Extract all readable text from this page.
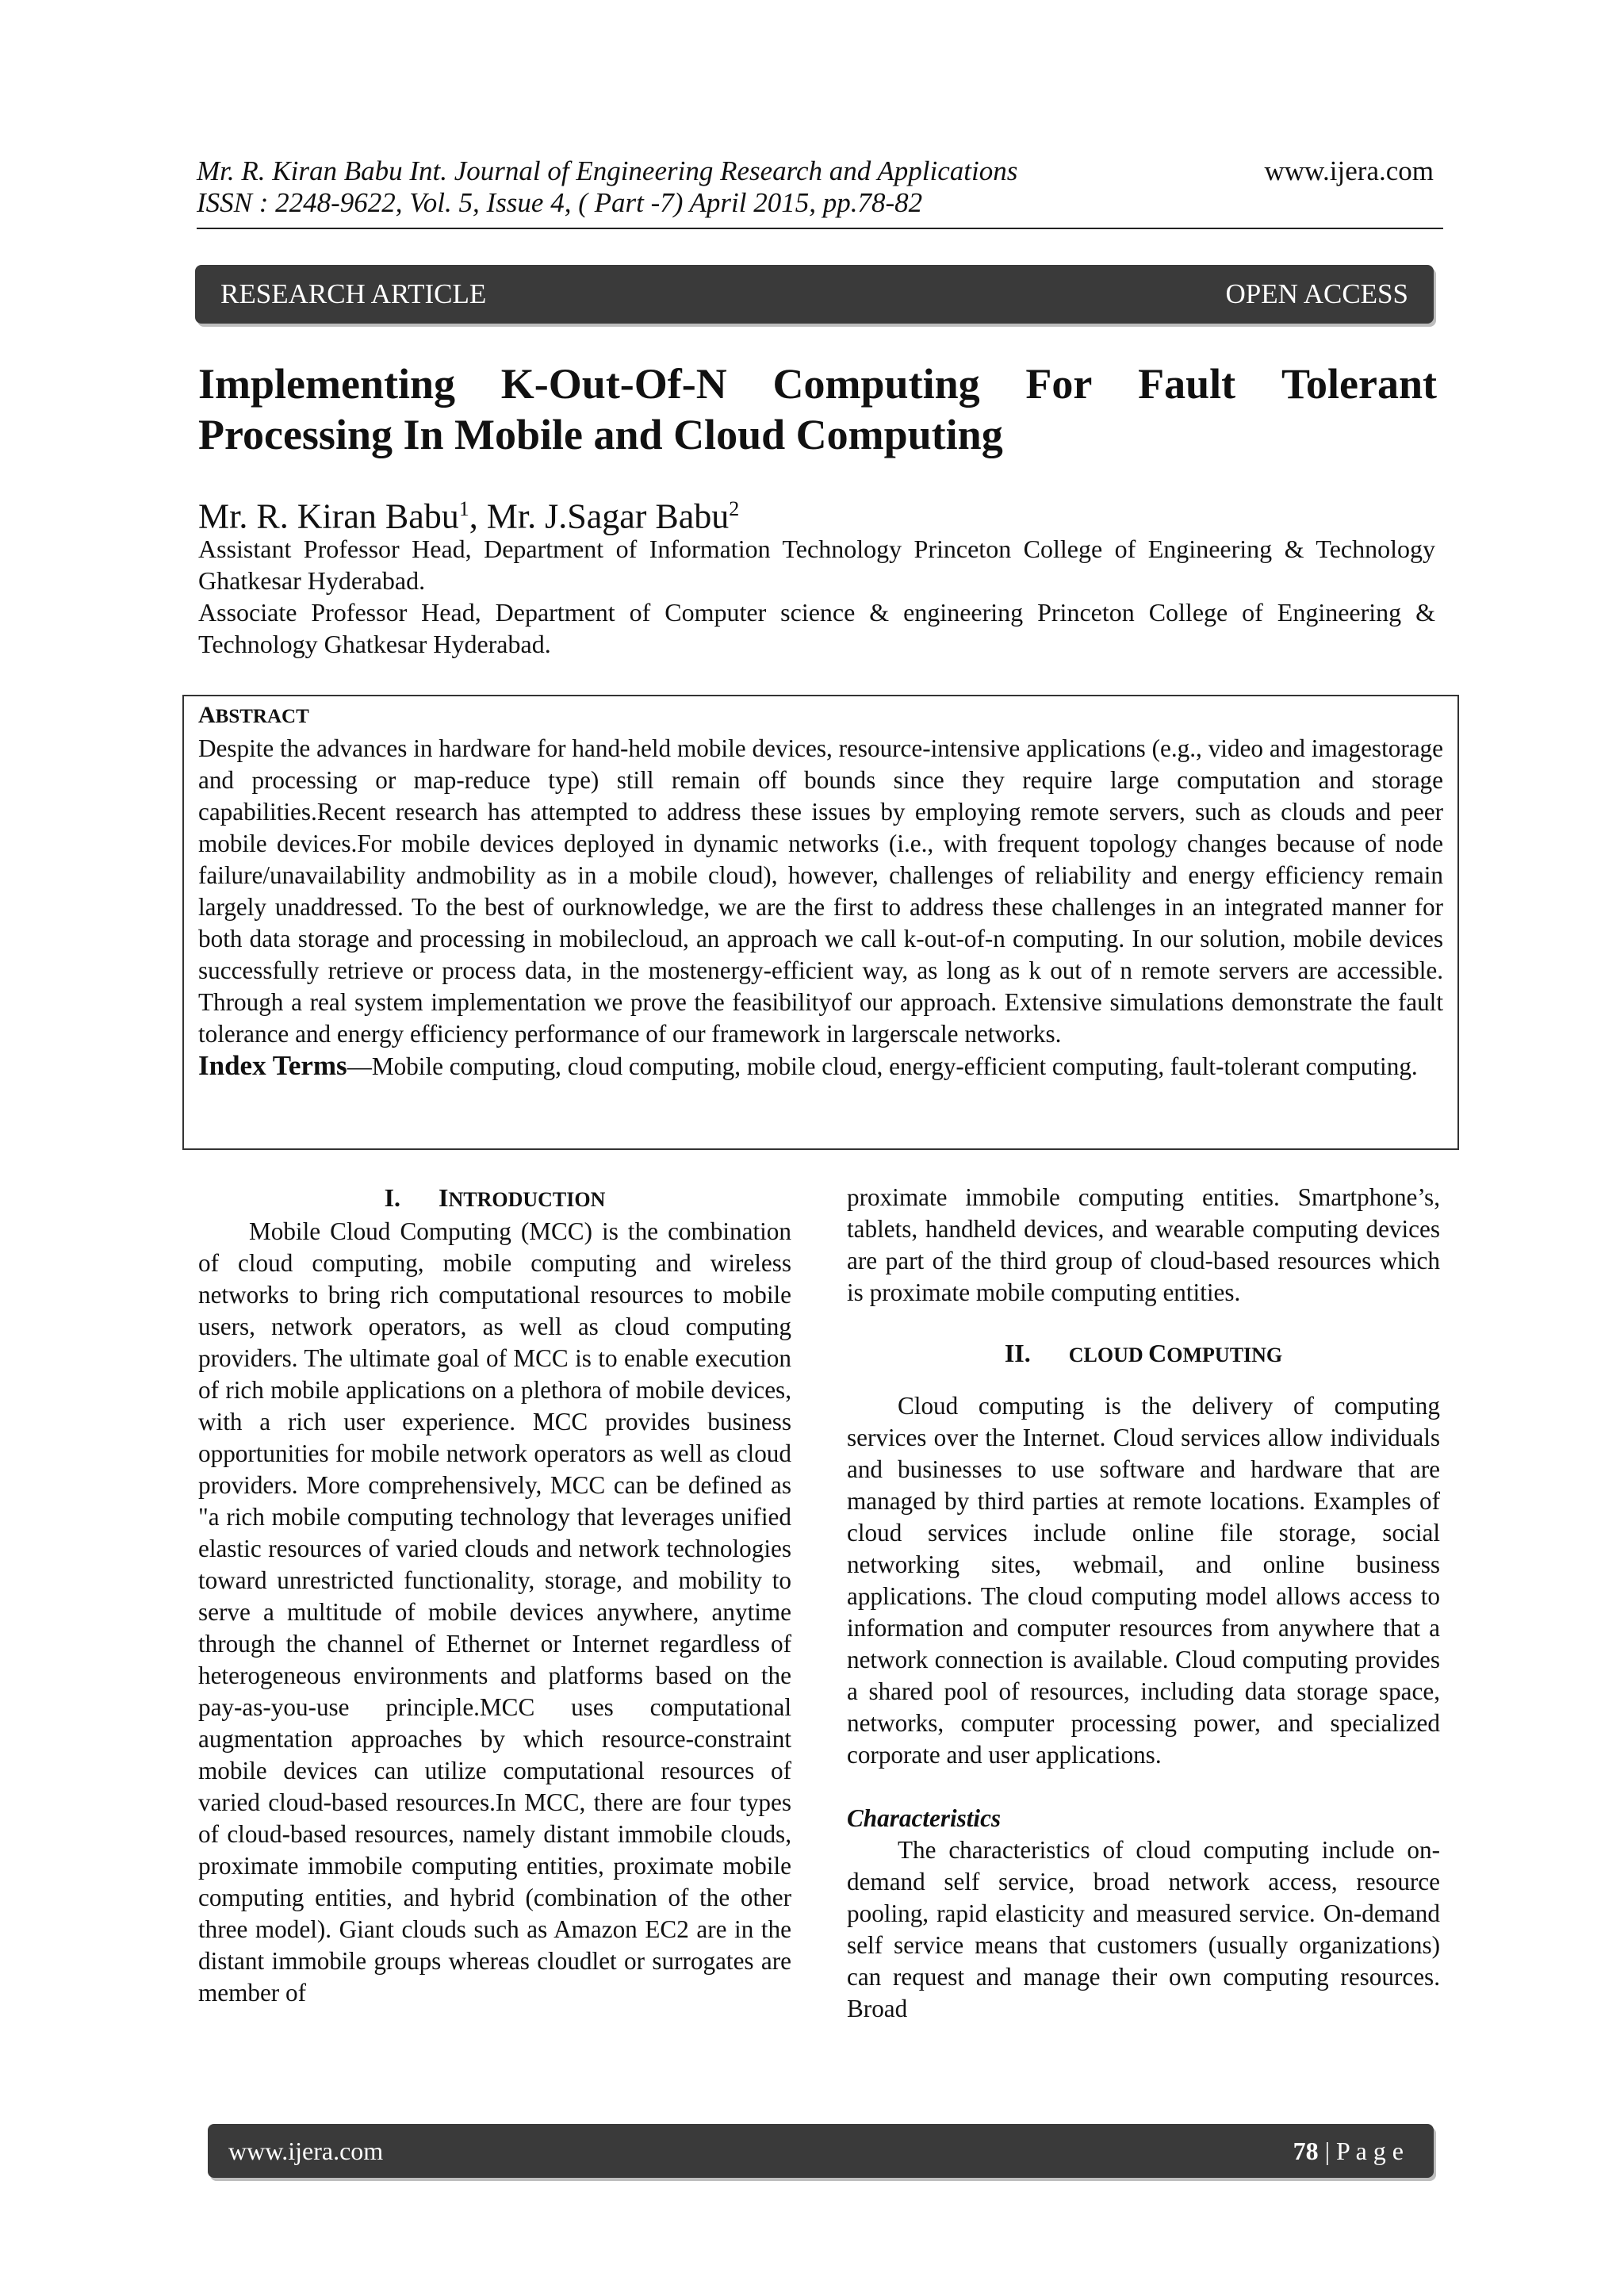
Mr. R. Kiran Babu Int. Journal of Engineering Research and Applications	www.ijera.com
ISSN : 2248-9622, Vol. 5, Issue 4, ( Part -7) April 2015, pp.78-82
RESEARCH ARTICLE	OPEN ACCESS
Implementing K-Out-Of-N Computing For Fault Tolerant
Processing In Mobile and Cloud Computing
Mr. R. Kiran Babu$^1$, Mr. J.Sagar Babu$^2$

Assistant Professor Head, Department of Information Technology Princeton College of Engineering & Technology Ghatkesar Hyderabad.

Associate Professor Head, Department of Computer science & engineering Princeton College of Engineering & Technology Ghatkesar Hyderabad.

ABSTRACT

Despite the advances in hardware for hand-held mobile devices, resource-intensive applications (e.g., video and imagestorage and processing or map-reduce type) still remain off bounds since they require large computation and storage capabilities.Recent research has attempted to address these issues by employing remote servers, such as clouds and peer mobile devices.For mobile devices deployed in dynamic networks (i.e., with frequent topology changes because of node failure/unavailability andmobility as in a mobile cloud), however, challenges of reliability and energy efficiency remain largely unaddressed. To the best of ourknowledge, we are the first to address these challenges in an integrated manner for both data storage and processing in mobilecloud, an approach we call k-out-of-n computing. In our solution, mobile devices successfully retrieve or process data, in the mostenergy-efficient way, as long as k out of n remote servers are accessible. Through a real system implementation we prove the feasibilityof our approach. Extensive simulations demonstrate the fault tolerance and energy efficiency performance of our framework in largerscale networks.

Index Terms—Mobile computing, cloud computing, mobile cloud, energy-efficient computing, fault-tolerant computing.

I. INTRODUCTION

Mobile Cloud Computing (MCC) is the combination of cloud computing, mobile computing and wireless networks to bring rich computational resources to mobile users, network operators, as well as cloud computing providers. The ultimate goal of MCC is to enable execution of rich mobile applications on a plethora of mobile devices, with a rich user experience. MCC provides business opportunities for mobile network operators as well as cloud providers. More comprehensively, MCC can be defined as "a rich mobile computing technology that leverages unified elastic resources of varied clouds and network technologies toward unrestricted functionality, storage, and mobility to serve a multitude of mobile devices anywhere, anytime through the channel of Ethernet or Internet regardless of heterogeneous environments and platforms based on the pay-as-you-use principle.MCC uses computational augmentation approaches by which resource-constraint mobile devices can utilize computational resources of varied cloud-based resources.In MCC, there are four types of cloud-based resources, namely distant immobile clouds, proximate immobile computing entities, proximate mobile computing entities, and hybrid (combination of the other three model). Giant clouds such as Amazon EC2 are in the distant immobile groups whereas cloudlet or surrogates are member of

proximate immobile computing entities. Smartphone’s, tablets, handheld devices, and wearable computing devices are part of the third group of cloud-based resources which is proximate mobile computing entities.

II. CLOUD COMPUTING

Cloud computing is the delivery of computing services over the Internet. Cloud services allow individuals and businesses to use software and hardware that are managed by third parties at remote locations. Examples of cloud services include online file storage, social networking sites, webmail, and online business applications. The cloud computing model allows access to information and computer resources from anywhere that a network connection is available. Cloud computing provides a shared pool of resources, including data storage space, networks, computer processing power, and specialized corporate and user applications.

Characteristics

The characteristics of cloud computing include on-demand self service, broad network access, resource pooling, rapid elasticity and measured service. On-demand self service means that customers (usually organizations) can request and manage their own computing resources. Broad

www.ijera.com	78 | P a g e
